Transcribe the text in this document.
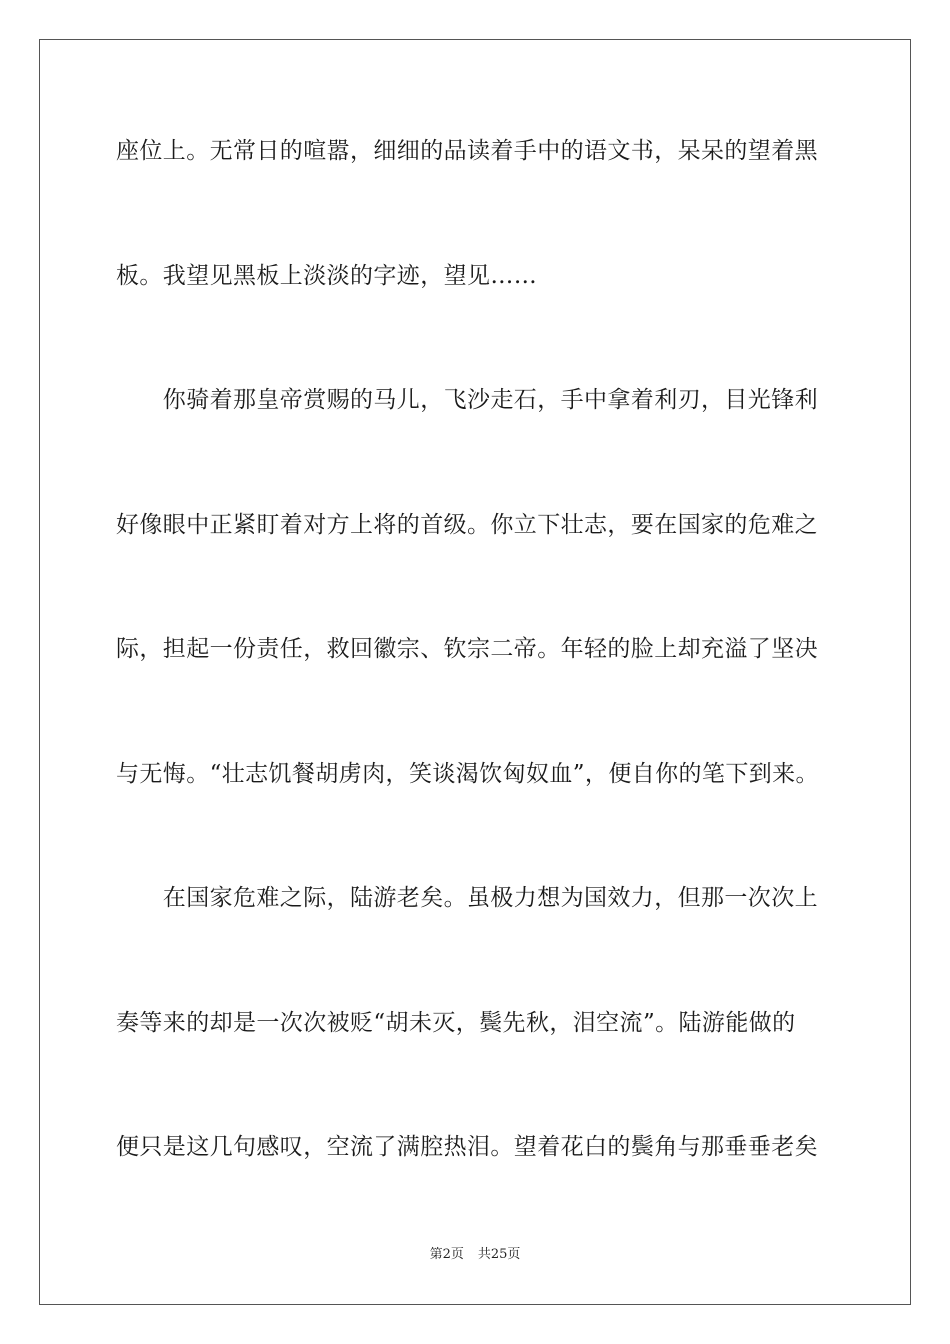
座位上。无常日的喧嚣，细细的品读着手中的语文书，呆呆的望着黑
板。我望见黑板上淡淡的字迹，望见……
　　你骑着那皇帝赏赐的马儿，飞沙走石，手中拿着利刃，目光锋利
好像眼中正紧盯着对方上将的首级。你立下壮志，要在国家的危难之
际，担起一份责任，救回徽宗、钦宗二帝。年轻的脸上却充溢了坚决
与无悔。“壮志饥餐胡虏肉，笑谈渴饮匈奴血”，便自你的笔下到来。
　　在国家危难之际，陆游老矣。虽极力想为国效力，但那一次次上
奏等来的却是一次次被贬“胡未灭，鬓先秋，泪空流”。陆游能做的
便只是这几句感叹，空流了满腔热泪。望着花白的鬓角与那垂垂老矣
第2页 共25页
